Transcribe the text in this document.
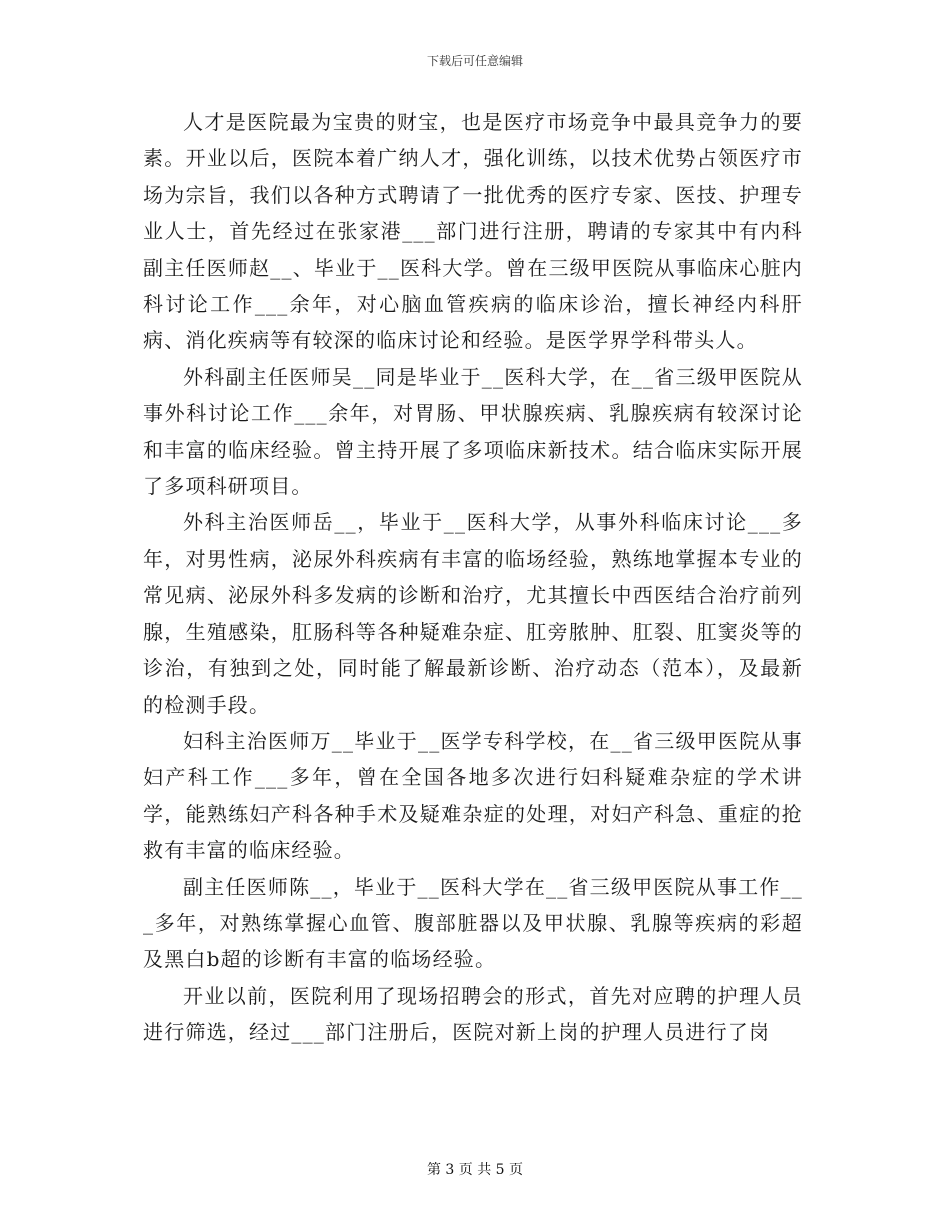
下载后可任意编辑

人才是医院最为宝贵的财宝，也是医疗市场竞争中最具竞争力的要素。开业以后，医院本着广纳人才，强化训练，以技术优势占领医疗市场为宗旨，我们以各种方式聘请了一批优秀的医疗专家、医技、护理专业人士，首先经过在张家港___部门进行注册，聘请的专家其中有内科副主任医师赵__、毕业于__医科大学。曾在三级甲医院从事临床心脏内科讨论工作___余年，对心脑血管疾病的临床诊治，擅长神经内科肝病、消化疾病等有较深的临床讨论和经验。是医学界学科带头人。

外科副主任医师吴__同是毕业于__医科大学，在__省三级甲医院从事外科讨论工作___余年，对胃肠、甲状腺疾病、乳腺疾病有较深讨论和丰富的临床经验。曾主持开展了多项临床新技术。结合临床实际开展了多项科研项目。

外科主治医师岳__，毕业于__医科大学，从事外科临床讨论___多年，对男性病，泌尿外科疾病有丰富的临场经验，熟练地掌握本专业的常见病、泌尿外科多发病的诊断和治疗，尤其擅长中西医结合治疗前列腺，生殖感染，肛肠科等各种疑难杂症、肛旁脓肿、肛裂、肛窦炎等的诊治，有独到之处，同时能了解最新诊断、治疗动态（范本），及最新的检测手段。

妇科主治医师万__毕业于__医学专科学校，在__省三级甲医院从事妇产科工作___多年，曾在全国各地多次进行妇科疑难杂症的学术讲学，能熟练妇产科各种手术及疑难杂症的处理，对妇产科急、重症的抢救有丰富的临床经验。

副主任医师陈__，毕业于__医科大学在__省三级甲医院从事工作___多年，对熟练掌握心血管、腹部脏器以及甲状腺、乳腺等疾病的彩超及黑白b超的诊断有丰富的临场经验。

开业以前，医院利用了现场招聘会的形式，首先对应聘的护理人员进行筛选，经过___部门注册后，医院对新上岗的护理人员进行了岗

第 3 页 共 5 页
